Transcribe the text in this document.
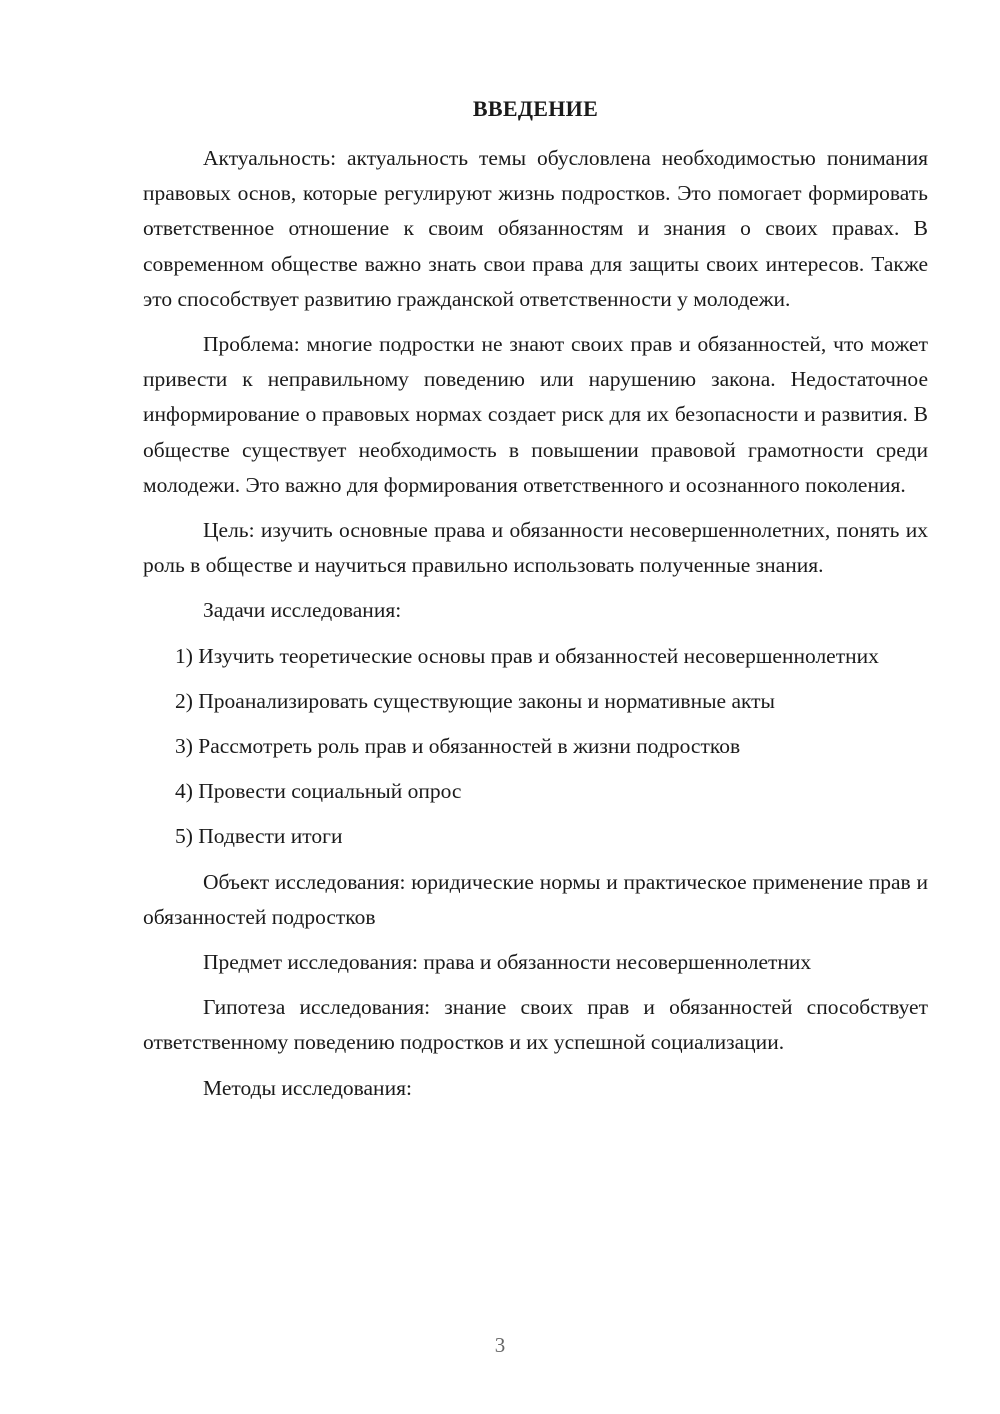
ВВЕДЕНИЕ

Актуальность: актуальность темы обусловлена необходимостью понимания правовых основ, которые регулируют жизнь подростков. Это помогает формировать ответственное отношение к своим обязанностям и знания о своих правах. В современном обществе важно знать свои права для защиты своих интересов. Также это способствует развитию гражданской ответственности у молодежи.

Проблема: многие подростки не знают своих прав и обязанностей, что может привести к неправильному поведению или нарушению закона. Недостаточное информирование о правовых нормах создает риск для их безопасности и развития. В обществе существует необходимость в повышении правовой грамотности среди молодежи. Это важно для формирования ответственного и осознанного поколения.

Цель: изучить основные права и обязанности несовершеннолетних, понять их роль в обществе и научиться правильно использовать полученные знания.

Задачи исследования:

1) Изучить теоретические основы прав и обязанностей несовершеннолетних

2) Проанализировать существующие законы и нормативные акты

3) Рассмотреть роль прав и обязанностей в жизни подростков

4) Провести социальный опрос

5) Подвести итоги

Объект исследования: юридические нормы и практическое применение прав и обязанностей подростков

Предмет исследования: права и обязанности несовершеннолетних

Гипотеза исследования: знание своих прав и обязанностей способствует ответственному поведению подростков и их успешной социализации.

Методы исследования:

3
